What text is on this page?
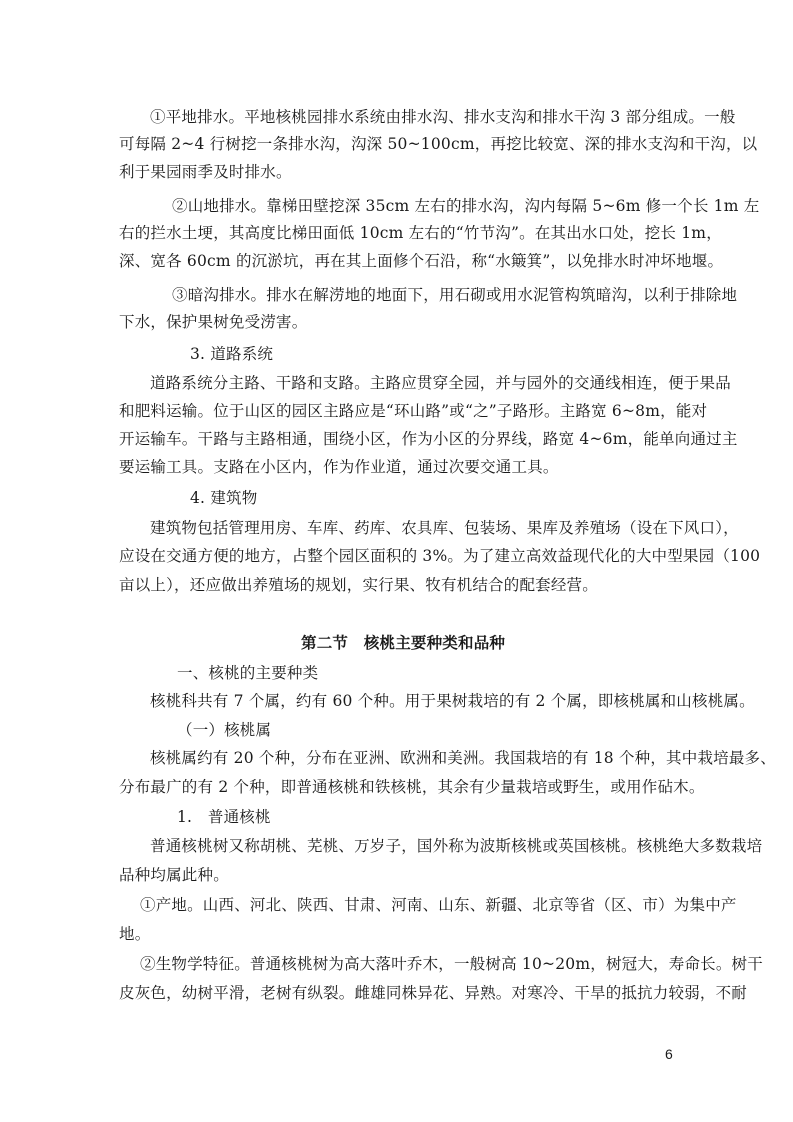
①平地排水。平地核桃园排水系统由排水沟、排水支沟和排水干沟 3 部分组成。一般
可每隔 2~4 行树挖一条排水沟，沟深 50~100cm，再挖比较宽、深的排水支沟和干沟，以
利于果园雨季及时排水。
②山地排水。靠梯田壁挖深 35cm 左右的排水沟，沟内每隔 5~6m 修一个长 1m 左
右的拦水土埂，其高度比梯田面低 10cm 左右的“竹节沟”。在其出水口处，挖长 1m，
深、宽各 60cm 的沉淤坑，再在其上面修个石沿，称“水簸箕”，以免排水时冲坏地堰。
③暗沟排水。排水在解涝地的地面下，用石砌或用水泥管构筑暗沟，以利于排除地
下水，保护果树免受涝害。
3. 道路系统
道路系统分主路、干路和支路。主路应贯穿全园，并与园外的交通线相连，便于果品
和肥料运输。位于山区的园区主路应是“环山路”或“之”子路形。主路宽 6~8m，能对
开运输车。干路与主路相通，围绕小区，作为小区的分界线，路宽 4~6m，能单向通过主
要运输工具。支路在小区内，作为作业道，通过次要交通工具。
4. 建筑物
建筑物包括管理用房、车库、药库、农具库、包装场、果库及养殖场（设在下风口），
应设在交通方便的地方，占整个园区面积的 3%。为了建立高效益现代化的大中型果园（100
亩以上），还应做出养殖场的规划，实行果、牧有机结合的配套经营。
第二节　核桃主要种类和品种
一、核桃的主要种类
核桃科共有 7 个属，约有 60 个种。用于果树栽培的有 2 个属，即核桃属和山核桃属。
（一）核桃属
核桃属约有 20 个种，分布在亚洲、欧洲和美洲。我国栽培的有 18 个种，其中栽培最多、
分布最广的有 2 个种，即普通核桃和铁核桃，其余有少量栽培或野生，或用作砧木。
1.　普通核桃
普通核桃树又称胡桃、芜桃、万岁子，国外称为波斯核桃或英国核桃。核桃绝大多数栽培
品种均属此种。
①产地。山西、河北、陕西、甘肃、河南、山东、新疆、北京等省（区、市）为集中产
地。
②生物学特征。普通核桃树为高大落叶乔木，一般树高 10~20m，树冠大，寿命长。树干
皮灰色，幼树平滑，老树有纵裂。雌雄同株异花、异熟。对寒冷、干旱的抵抗力较弱，不耐
6
